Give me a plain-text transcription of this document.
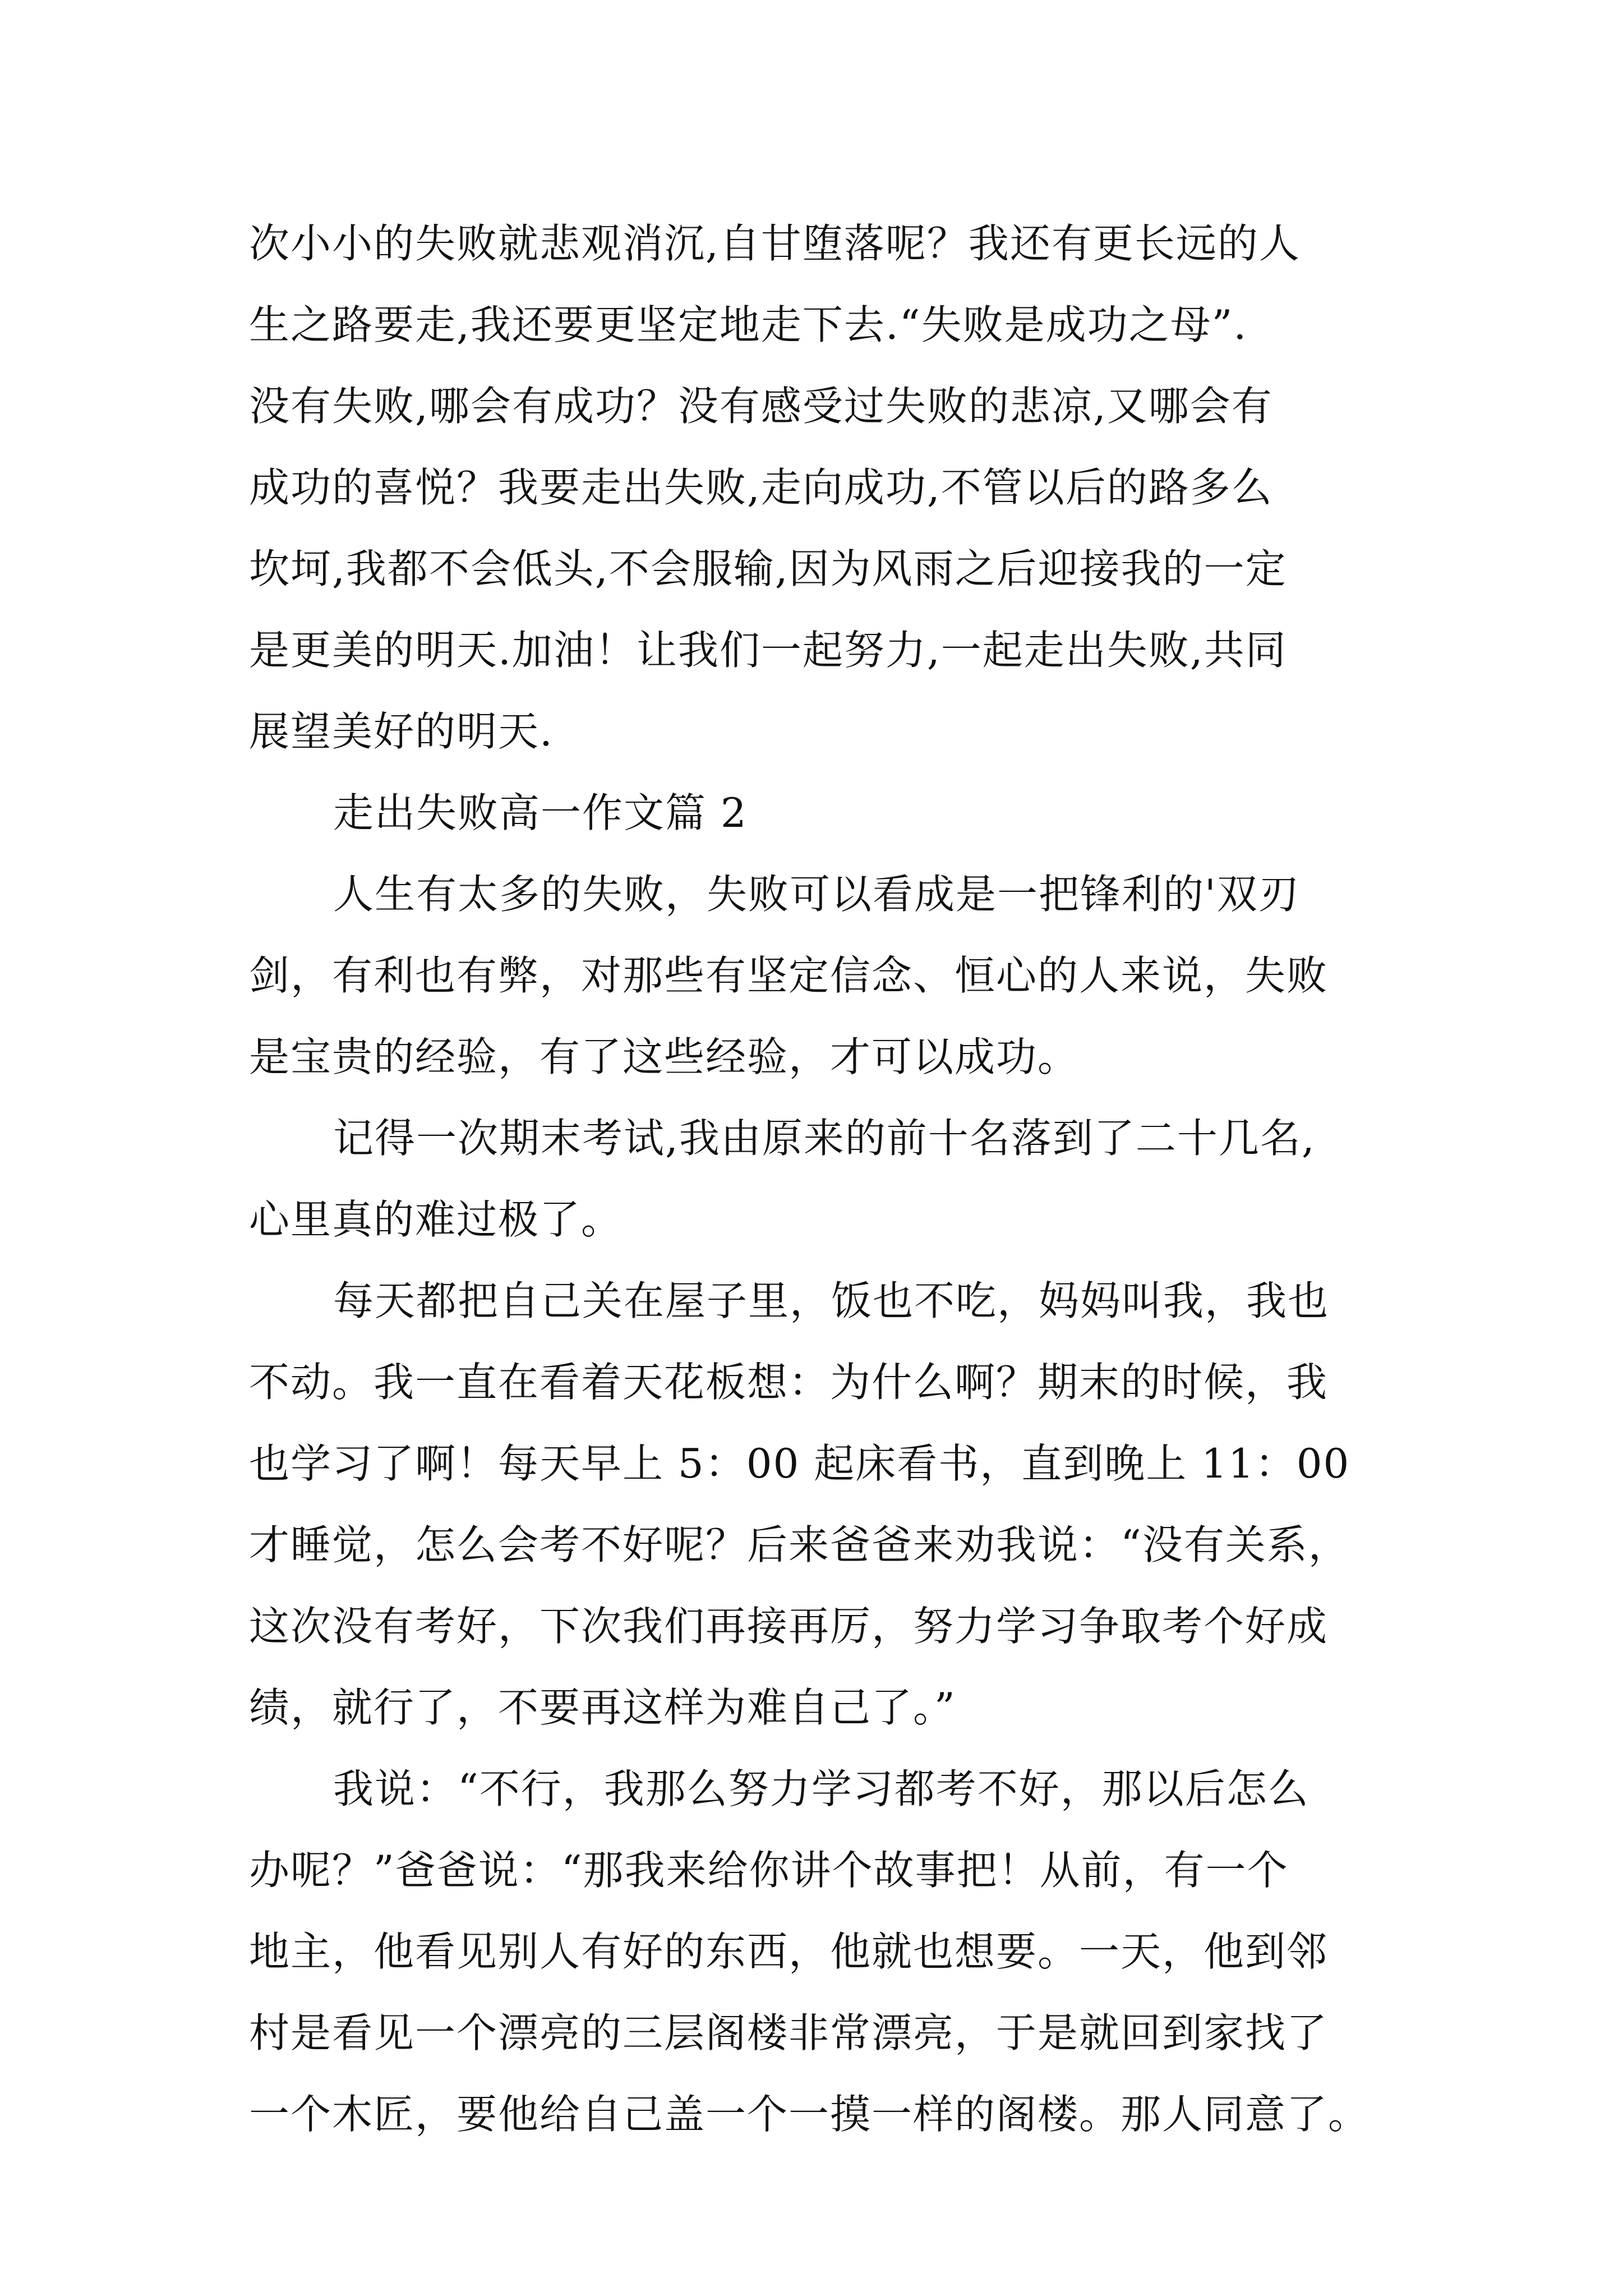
次小小的失败就悲观消沉,自甘堕落呢？我还有更长远的人
生之路要走,我还要更坚定地走下去.“失败是成功之母”.
没有失败,哪会有成功？没有感受过失败的悲凉,又哪会有
成功的喜悦？我要走出失败,走向成功,不管以后的路多么
坎坷,我都不会低头,不会服输,因为风雨之后迎接我的一定
是更美的明天.加油！让我们一起努力,一起走出失败,共同
展望美好的明天.
走出失败高一作文篇 2
人生有太多的失败，失败可以看成是一把锋利的'双刃
剑，有利也有弊，对那些有坚定信念、恒心的人来说，失败
是宝贵的经验，有了这些经验，才可以成功。
记得一次期末考试,我由原来的前十名落到了二十几名,
心里真的难过极了。
每天都把自己关在屋子里，饭也不吃，妈妈叫我，我也
不动。我一直在看着天花板想：为什么啊？期末的时候，我
也学习了啊！每天早上 5：00 起床看书，直到晚上 11：00
才睡觉，怎么会考不好呢？后来爸爸来劝我说：“没有关系，
这次没有考好，下次我们再接再厉，努力学习争取考个好成
绩，就行了，不要再这样为难自己了。”
我说：“不行，我那么努力学习都考不好，那以后怎么
办呢？”爸爸说：“那我来给你讲个故事把！从前，有一个
地主，他看见别人有好的东西，他就也想要。一天，他到邻
村是看见一个漂亮的三层阁楼非常漂亮，于是就回到家找了
一个木匠，要他给自己盖一个一摸一样的阁楼。那人同意了。
